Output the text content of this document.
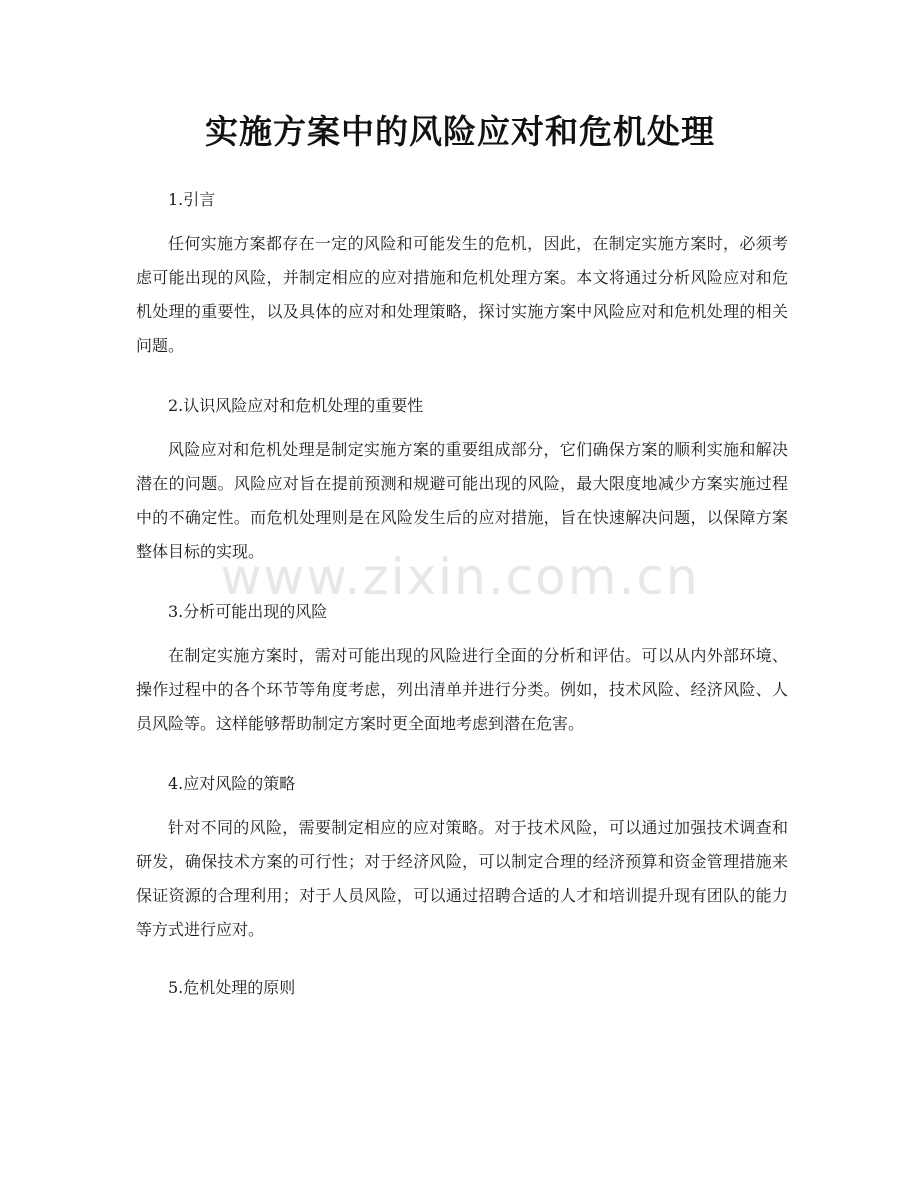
实施方案中的风险应对和危机处理
www.zixin.com.cn
1.引言

任何实施方案都存在一定的风险和可能发生的危机，因此，在制定实施方案时，必须考虑可能出现的风险，并制定相应的应对措施和危机处理方案。本文将通过分析风险应对和危机处理的重要性，以及具体的应对和处理策略，探讨实施方案中风险应对和危机处理的相关问题。

2.认识风险应对和危机处理的重要性

风险应对和危机处理是制定实施方案的重要组成部分，它们确保方案的顺利实施和解决潜在的问题。风险应对旨在提前预测和规避可能出现的风险，最大限度地减少方案实施过程中的不确定性。而危机处理则是在风险发生后的应对措施，旨在快速解决问题，以保障方案整体目标的实现。

3.分析可能出现的风险

在制定实施方案时，需对可能出现的风险进行全面的分析和评估。可以从内外部环境、操作过程中的各个环节等角度考虑，列出清单并进行分类。例如，技术风险、经济风险、人员风险等。这样能够帮助制定方案时更全面地考虑到潜在危害。

4.应对风险的策略

针对不同的风险，需要制定相应的应对策略。对于技术风险，可以通过加强技术调查和研发，确保技术方案的可行性；对于经济风险，可以制定合理的经济预算和资金管理措施来保证资源的合理利用；对于人员风险，可以通过招聘合适的人才和培训提升现有团队的能力等方式进行应对。

5.危机处理的原则
